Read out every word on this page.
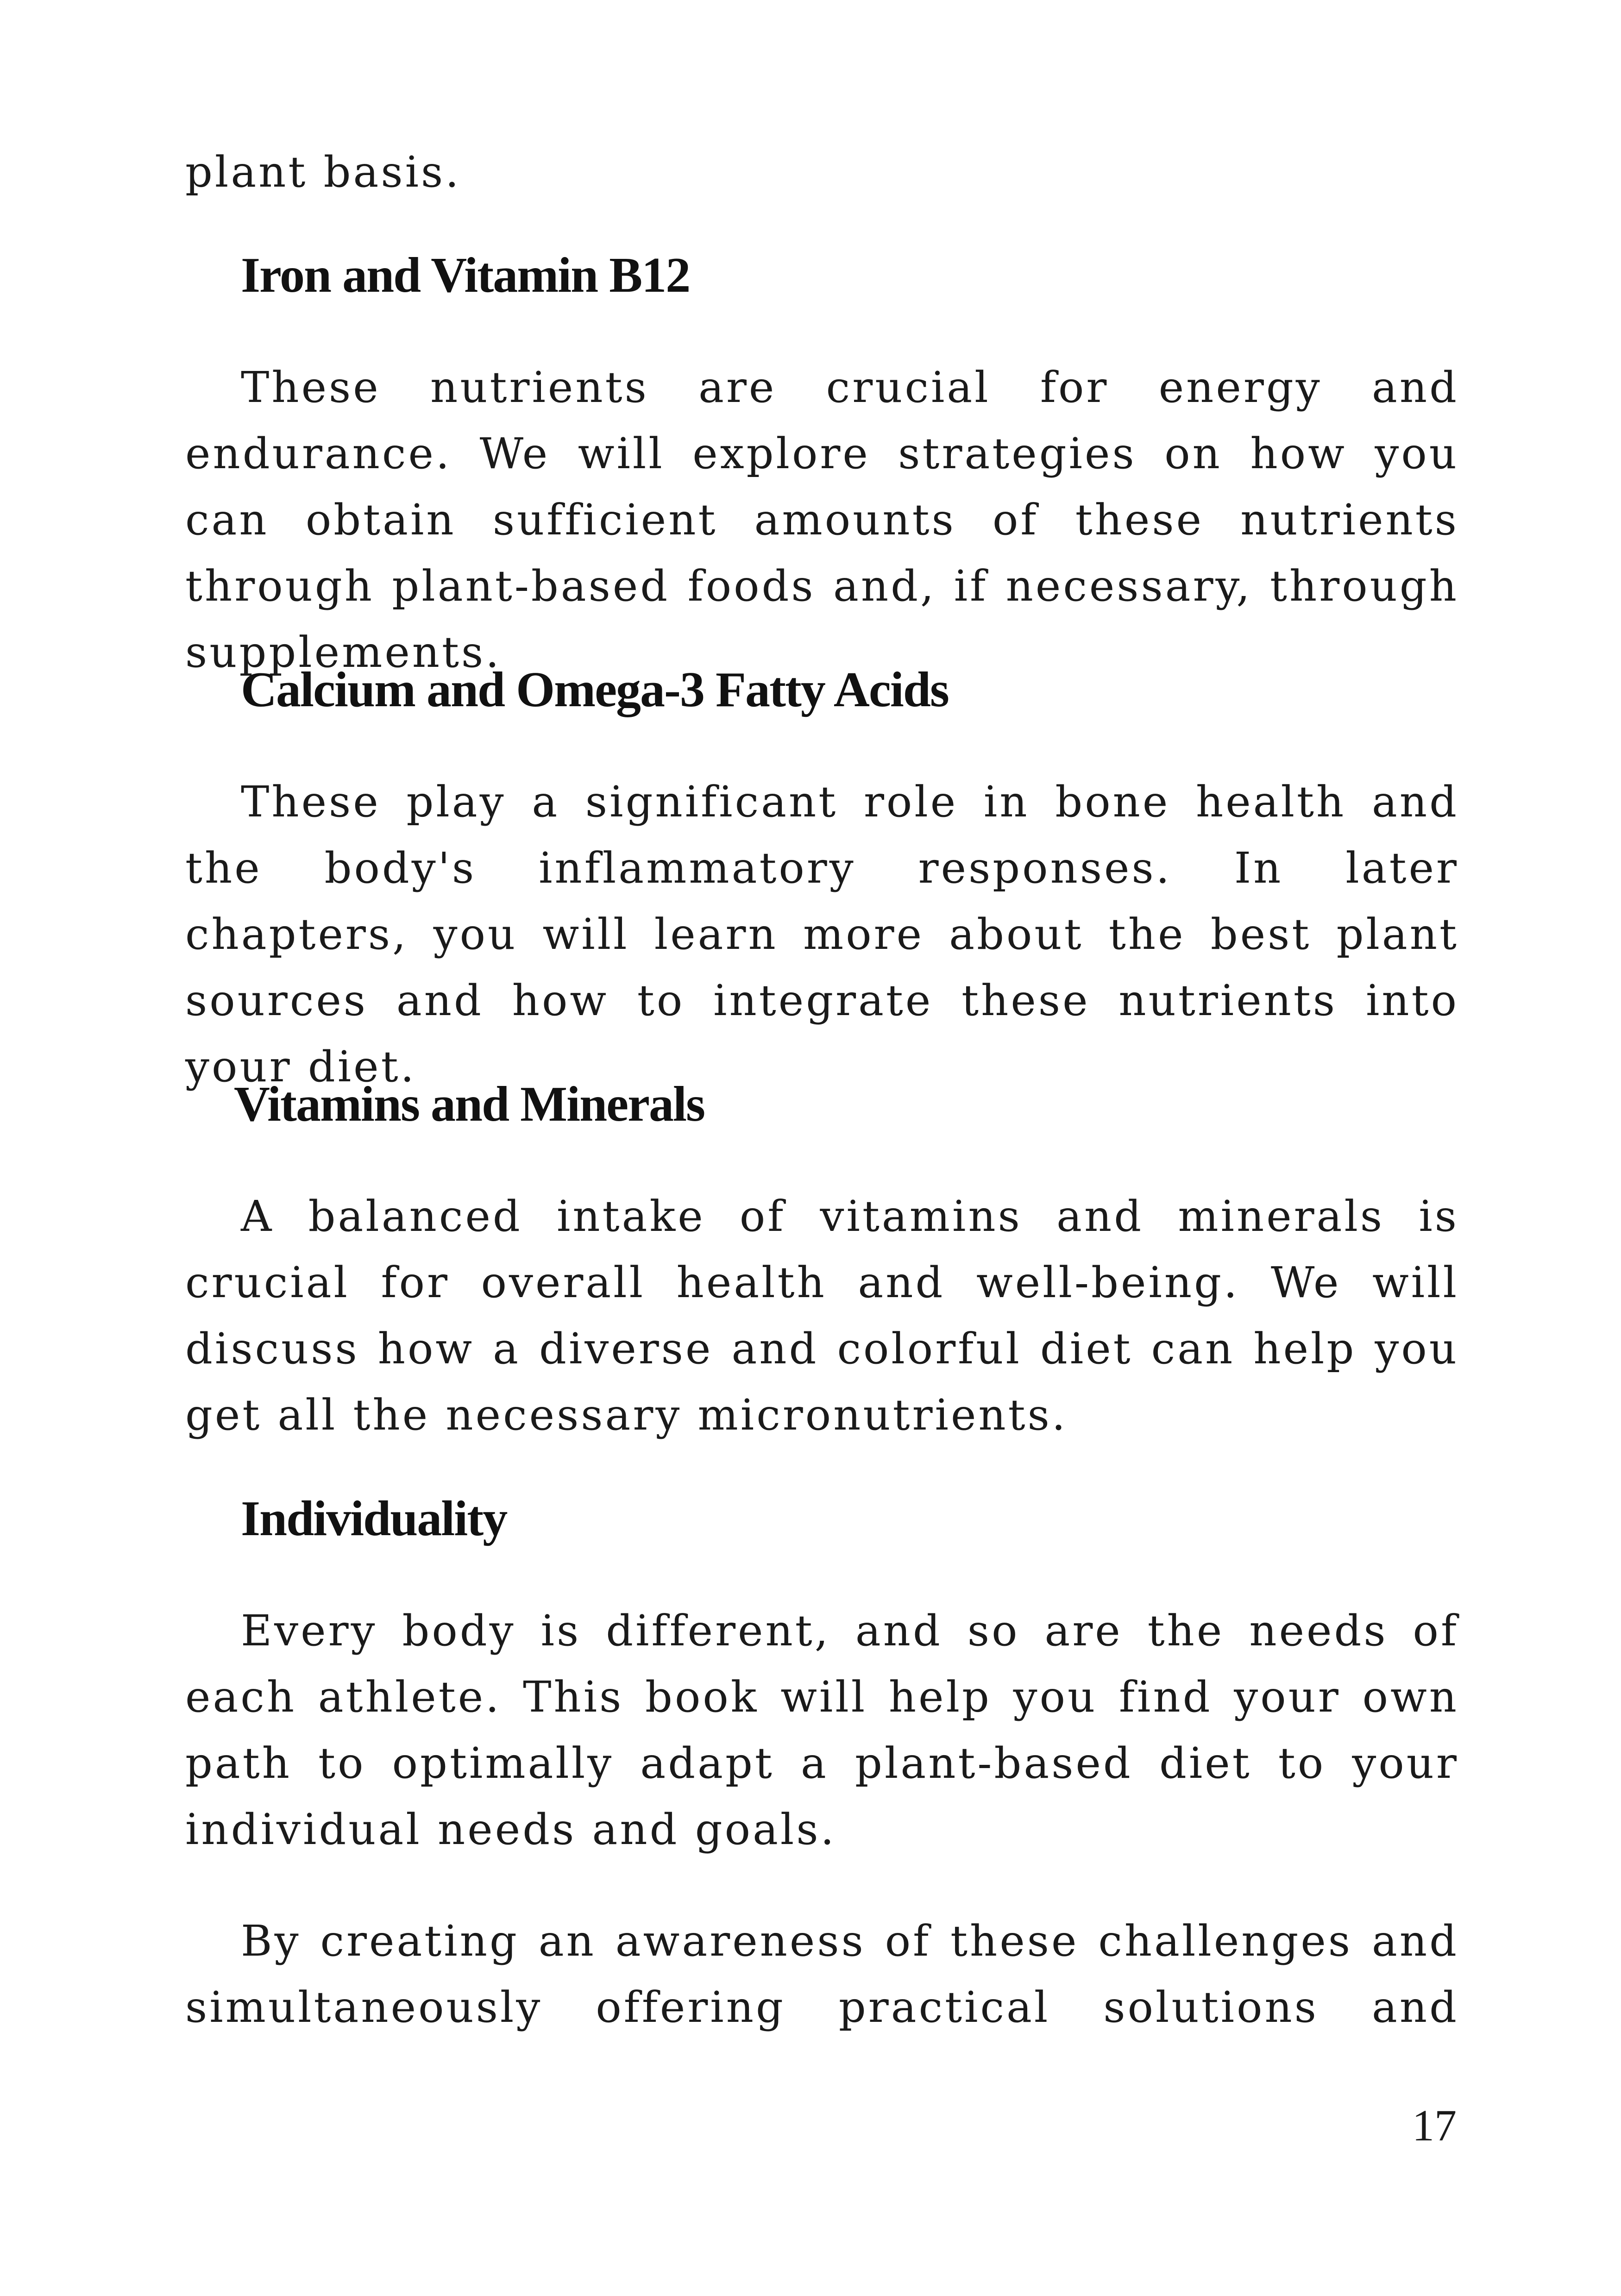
plant basis.

Iron and Vitamin B12

These nutrients are crucial for energy and endurance. We will explore strategies on how you can obtain sufficient amounts of these nutrients through plant-based foods and, if necessary, through supplements.

Calcium and Omega-3 Fatty Acids

These play a significant role in bone health and the body's inflammatory responses. In later chapters, you will learn more about the best plant sources and how to integrate these nutrients into your diet.

Vitamins and Minerals

A balanced intake of vitamins and minerals is crucial for overall health and well-being. We will discuss how a diverse and colorful diet can help you get all the necessary micronutrients.

Individuality

Every body is different, and so are the needs of each athlete. This book will help you find your own path to optimally adapt a plant-based diet to your individual needs and goals.

By creating an awareness of these challenges and simultaneously offering practical solutions and

17
